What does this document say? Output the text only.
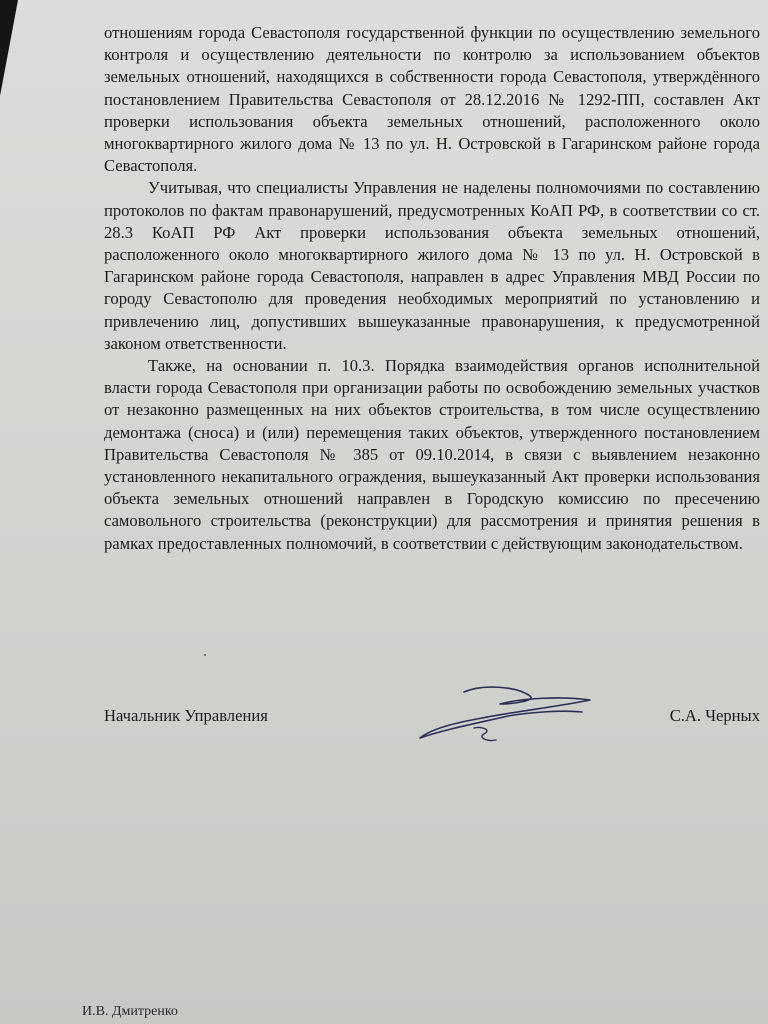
отношениям города Севастополя государственной функции по осуществлению земельного контроля и осуществлению деятельности по контролю за использованием объектов земельных отношений, находящихся в собственности города Севастополя, утверждённого постановлением Правительства Севастополя от 28.12.2016 № 1292-ПП, составлен Акт проверки использования объекта земельных отношений, расположенного около многоквартирного жилого дома № 13 по ул. Н. Островской в Гагаринском районе города Севастополя.

Учитывая, что специалисты Управления не наделены полномочиями по составлению протоколов по фактам правонарушений, предусмотренных КоАП РФ, в соответствии со ст. 28.3 КоАП РФ Акт проверки использования объекта земельных отношений, расположенного около многоквартирного жилого дома № 13 по ул. Н. Островской в Гагаринском районе города Севастополя, направлен в адрес Управления МВД России по городу Севастополю для проведения необходимых мероприятий по установлению и привлечению лиц, допустивших вышеуказанные правонарушения, к предусмотренной законом ответственности.

Также, на основании п. 10.3. Порядка взаимодействия органов исполнительной власти города Севастополя при организации работы по освобождению земельных участков от незаконно размещенных на них объектов строительства, в том числе осуществлению демонтажа (сноса) и (или) перемещения таких объектов, утвержденного постановлением Правительства Севастополя № 385 от 09.10.2014, в связи с выявлением незаконно установленного некапитального ограждения, вышеуказанный Акт проверки использования объекта земельных отношений направлен в Городскую комиссию по пресечению самовольного строительства (реконструкции) для рассмотрения и принятия решения в рамках предоставленных полномочий, в соответствии с действующим законодательством.

Начальник Управления	С.А. Черных
И.В. Дмитренко
